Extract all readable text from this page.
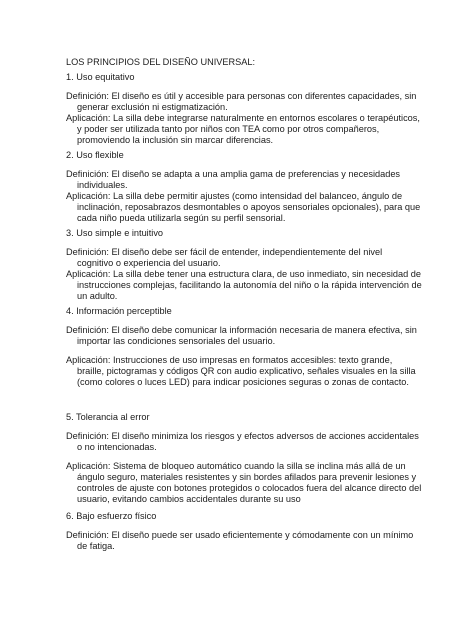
LOS PRINCIPIOS DEL DISEÑO UNIVERSAL:
1. Uso equitativo
Definición: El diseño es útil y accesible para personas con diferentes capacidades, sin
generar exclusión ni estigmatización.
Aplicación: La silla debe integrarse naturalmente en entornos escolares o terapéuticos,
y poder ser utilizada tanto por niños con TEA como por otros compañeros,
promoviendo la inclusión sin marcar diferencias.
2. Uso flexible
Definición: El diseño se adapta a una amplia gama de preferencias y necesidades
individuales.
Aplicación: La silla debe permitir ajustes (como intensidad del balanceo, ángulo de
inclinación, reposabrazos desmontables o apoyos sensoriales opcionales), para que
cada niño pueda utilizarla según su perfil sensorial.
3. Uso simple e intuitivo
Definición: El diseño debe ser fácil de entender, independientemente del nivel
cognitivo o experiencia del usuario.
Aplicación: La silla debe tener una estructura clara, de uso inmediato, sin necesidad de
instrucciones complejas, facilitando la autonomía del niño o la rápida intervención de
un adulto.
4. Información perceptible
Definición: El diseño debe comunicar la información necesaria de manera efectiva, sin
importar las condiciones sensoriales del usuario.
Aplicación: Instrucciones de uso impresas en formatos accesibles: texto grande,
braille, pictogramas y códigos QR con audio explicativo, señales visuales en la silla
(como colores o luces LED) para indicar posiciones seguras o zonas de contacto.
5. Tolerancia al error
Definición: El diseño minimiza los riesgos y efectos adversos de acciones accidentales
o no intencionadas.
Aplicación: Sistema de bloqueo automático cuando la silla se inclina más allá de un
ángulo seguro, materiales resistentes y sin bordes afilados para prevenir lesiones y
controles de ajuste con botones protegidos o colocados fuera del alcance directo del
usuario, evitando cambios accidentales durante su uso
6. Bajo esfuerzo físico
Definición: El diseño puede ser usado eficientemente y cómodamente con un mínimo
de fatiga.
